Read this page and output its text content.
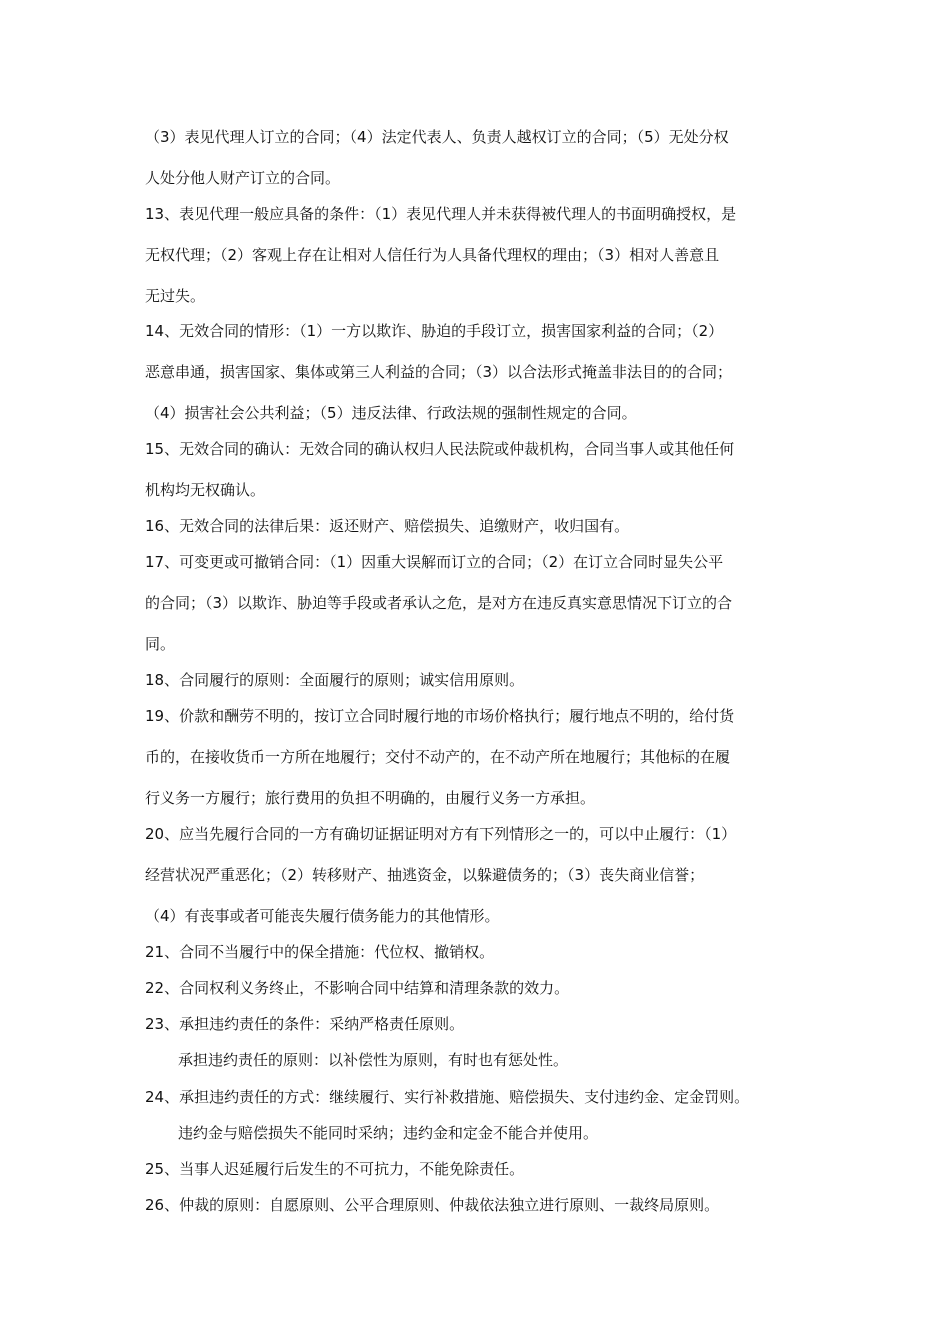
（3）表见代理人订立的合同；（4）法定代表人、负责人越权订立的合同；（5）无处分权
人处分他人财产订立的合同。
13、表见代理一般应具备的条件：（1）表见代理人并未获得被代理人的书面明确授权，是
无权代理；（2）客观上存在让相对人信任行为人具备代理权的理由；（3）相对人善意且
无过失。
14、无效合同的情形：（1）一方以欺诈、胁迫的手段订立，损害国家利益的合同；（2）
恶意串通，损害国家、集体或第三人利益的合同；（3）以合法形式掩盖非法目的的合同；
（4）损害社会公共利益；（5）违反法律、行政法规的强制性规定的合同。
15、无效合同的确认：无效合同的确认权归人民法院或仲裁机构，合同当事人或其他任何
机构均无权确认。
16、无效合同的法律后果：返还财产、赔偿损失、追缴财产，收归国有。
17、可变更或可撤销合同：（1）因重大误解而订立的合同；（2）在订立合同时显失公平
的合同；（3）以欺诈、胁迫等手段或者承认之危，是对方在违反真实意思情况下订立的合
同。
18、合同履行的原则：全面履行的原则；诚实信用原则。
19、价款和酬劳不明的，按订立合同时履行地的市场价格执行；履行地点不明的，给付货
币的，在接收货币一方所在地履行；交付不动产的，在不动产所在地履行；其他标的在履
行义务一方履行；旅行费用的负担不明确的，由履行义务一方承担。
20、应当先履行合同的一方有确切证据证明对方有下列情形之一的，可以中止履行：（1）
经营状况严重恶化；（2）转移财产、抽逃资金，以躲避债务的；（3）丧失商业信誉；
（4）有丧事或者可能丧失履行债务能力的其他情形。
21、合同不当履行中的保全措施：代位权、撤销权。
22、合同权利义务终止，不影响合同中结算和清理条款的效力。
23、承担违约责任的条件：采纳严格责任原则。
承担违约责任的原则：以补偿性为原则，有时也有惩处性。
24、承担违约责任的方式：继续履行、实行补救措施、赔偿损失、支付违约金、定金罚则。
违约金与赔偿损失不能同时采纳；违约金和定金不能合并使用。
25、当事人迟延履行后发生的不可抗力，不能免除责任。
26、仲裁的原则：自愿原则、公平合理原则、仲裁依法独立进行原则、一裁终局原则。
